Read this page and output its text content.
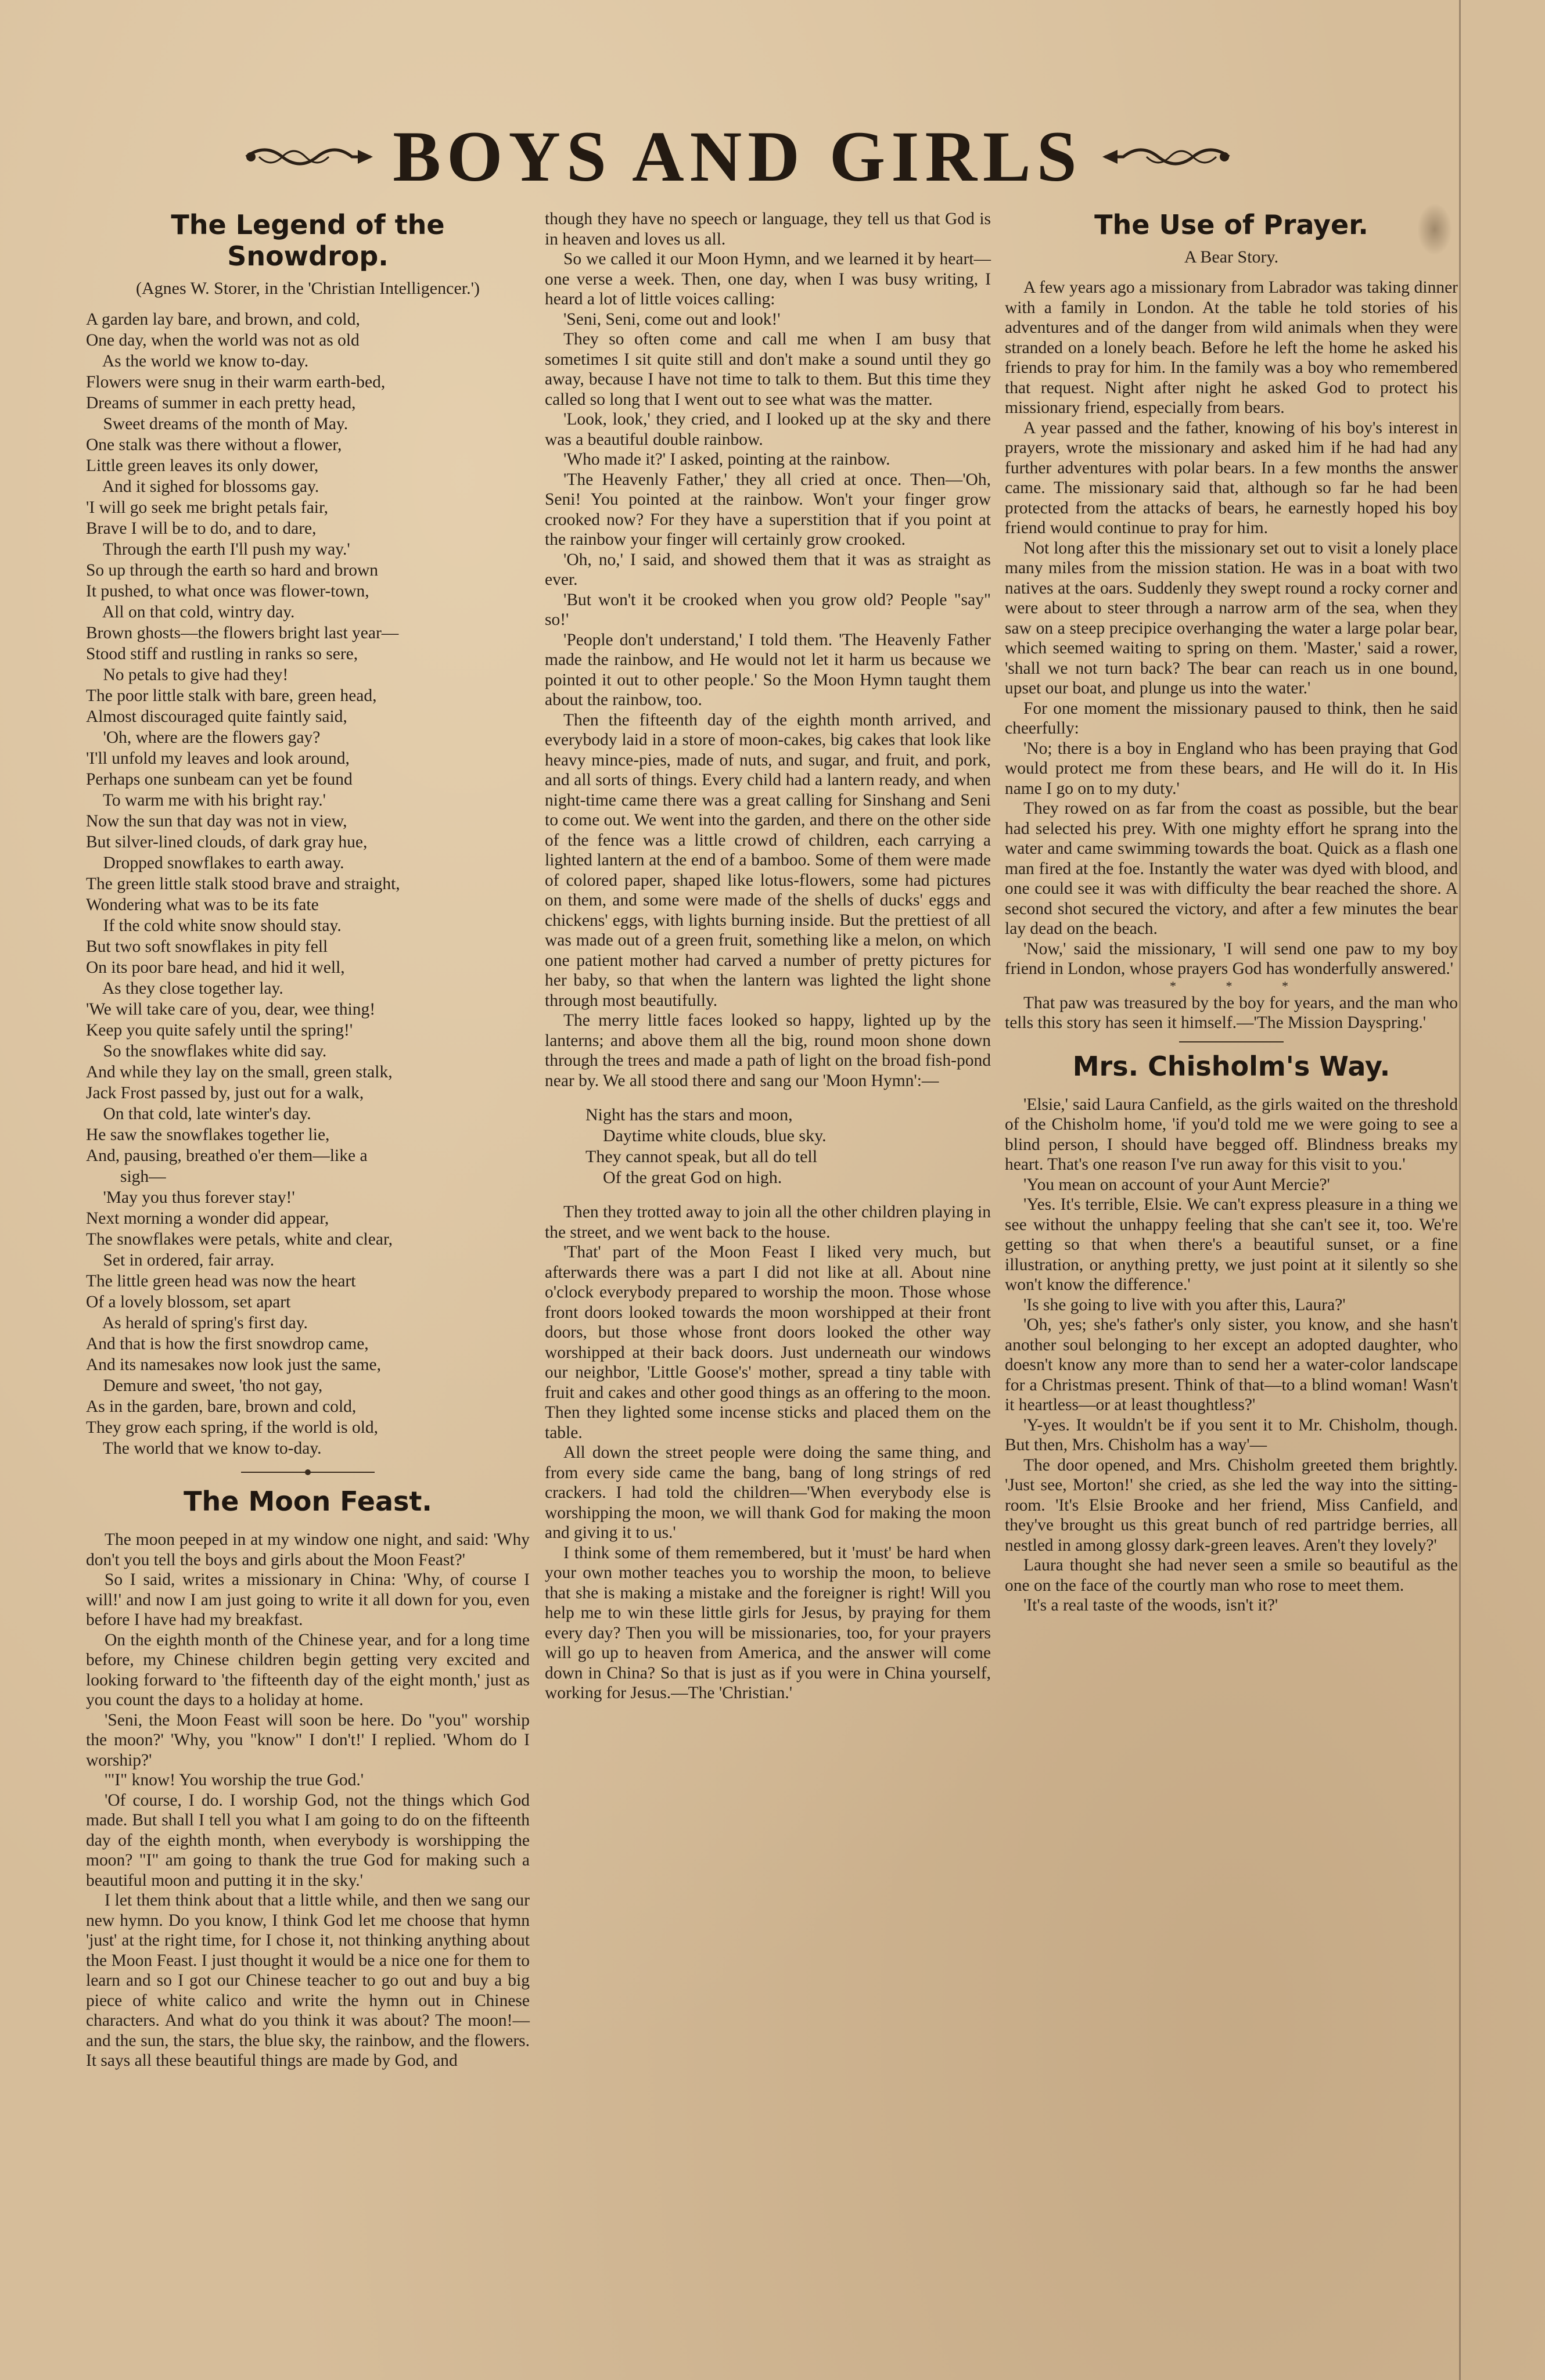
BOYS AND GIRLS
The Legend of the Snowdrop.
(Agnes W. Storer, in the 'Christian Intelligencer.')
A garden lay bare, and brown, and cold,
One day, when the world was not as old
As the world we know to-day.
Flowers were snug in their warm earth-bed,
Dreams of summer in each pretty head,
Sweet dreams of the month of May.
One stalk was there without a flower,
Little green leaves its only dower,
And it sighed for blossoms gay.
'I will go seek me bright petals fair,
Brave I will be to do, and to dare,
Through the earth I'll push my way.'
So up through the earth so hard and brown
It pushed, to what once was flower-town,
All on that cold, wintry day.
Brown ghosts—the flowers bright last year—
Stood stiff and rustling in ranks so sere,
No petals to give had they!
The poor little stalk with bare, green head,
Almost discouraged quite faintly said,
'Oh, where are the flowers gay?
'I'll unfold my leaves and look around,
Perhaps one sunbeam can yet be found
To warm me with his bright ray.'
Now the sun that day was not in view,
But silver-lined clouds, of dark gray hue,
Dropped snowflakes to earth away.
The green little stalk stood brave and straight,
Wondering what was to be its fate
If the cold white snow should stay.
But two soft snowflakes in pity fell
On its poor bare head, and hid it well,
As they close together lay.
'We will take care of you, dear, wee thing!
Keep you quite safely until the spring!'
So the snowflakes white did say.
And while they lay on the small, green stalk,
Jack Frost passed by, just out for a walk,
On that cold, late winter's day.
He saw the snowflakes together lie,
And, pausing, breathed o'er them—like a
sigh—
'May you thus forever stay!'
Next morning a wonder did appear,
The snowflakes were petals, white and clear,
Set in ordered, fair array.
The little green head was now the heart
Of a lovely blossom, set apart
As herald of spring's first day.
And that is how the first snowdrop came,
And its namesakes now look just the same,
Demure and sweet, 'tho not gay,
As in the garden, bare, brown and cold,
They grow each spring, if the world is old,
The world that we know to-day.
The Moon Feast.

The moon peeped in at my window one night, and said: 'Why don't you tell the boys and girls about the Moon Feast?'

So I said, writes a missionary in China: 'Why, of course I will!' and now I am just going to write it all down for you, even before I have had my breakfast.

On the eighth month of the Chinese year, and for a long time before, my Chinese children begin getting very excited and looking forward to 'the fifteenth day of the eight month,' just as you count the days to a holiday at home.

'Seni, the Moon Feast will soon be here. Do "you" worship the moon?' 'Why, you "know" I don't!' I replied. 'Whom do I worship?'

'"I" know! You worship the true God.'

'Of course, I do. I worship God, not the things which God made. But shall I tell you what I am going to do on the fifteenth day of the eighth month, when everybody is worshipping the moon? "I" am going to thank the true God for making such a beautiful moon and putting it in the sky.'

I let them think about that a little while, and then we sang our new hymn. Do you know, I think God let me choose that hymn 'just' at the right time, for I chose it, not thinking anything about the Moon Feast. I just thought it would be a nice one for them to learn and so I got our Chinese teacher to go out and buy a big piece of white calico and write the hymn out in Chinese characters. And what do you think it was about? The moon!—and the sun, the stars, the blue sky, the rainbow, and the flowers. It says all these beautiful things are made by God, and

though they have no speech or language, they tell us that God is in heaven and loves us all.

So we called it our Moon Hymn, and we learned it by heart—one verse a week. Then, one day, when I was busy writing, I heard a lot of little voices calling:

'Seni, Seni, come out and look!'

They so often come and call me when I am busy that sometimes I sit quite still and don't make a sound until they go away, because I have not time to talk to them. But this time they called so long that I went out to see what was the matter.

'Look, look,' they cried, and I looked up at the sky and there was a beautiful double rainbow.

'Who made it?' I asked, pointing at the rainbow.

'The Heavenly Father,' they all cried at once. Then—'Oh, Seni! You pointed at the rainbow. Won't your finger grow crooked now? For they have a superstition that if you point at the rainbow your finger will certainly grow crooked.

'Oh, no,' I said, and showed them that it was as straight as ever.

'But won't it be crooked when you grow old? People "say" so!'

'People don't understand,' I told them. 'The Heavenly Father made the rainbow, and He would not let it harm us because we pointed it out to other people.' So the Moon Hymn taught them about the rainbow, too.

Then the fifteenth day of the eighth month arrived, and everybody laid in a store of moon-cakes, big cakes that look like heavy mince-pies, made of nuts, and sugar, and fruit, and pork, and all sorts of things. Every child had a lantern ready, and when night-time came there was a great calling for Sinshang and Seni to come out. We went into the garden, and there on the other side of the fence was a little crowd of children, each carrying a lighted lantern at the end of a bamboo. Some of them were made of colored paper, shaped like lotus-flowers, some had pictures on them, and some were made of the shells of ducks' eggs and chickens' eggs, with lights burning inside. But the prettiest of all was made out of a green fruit, something like a melon, on which one patient mother had carved a number of pretty pictures for her baby, so that when the lantern was lighted the light shone through most beautifully.

The merry little faces looked so happy, lighted up by the lanterns; and above them all the big, round moon shone down through the trees and made a path of light on the broad fish-pond near by. We all stood there and sang our 'Moon Hymn':—

Night has the stars and moon,
Daytime white clouds, blue sky.
They cannot speak, but all do tell
Of the great God on high.

Then they trotted away to join all the other children playing in the street, and we went back to the house.

'That' part of the Moon Feast I liked very much, but afterwards there was a part I did not like at all. About nine o'clock everybody prepared to worship the moon. Those whose front doors looked towards the moon worshipped at their front doors, but those whose front doors looked the other way worshipped at their back doors. Just underneath our windows our neighbor, 'Little Goose's' mother, spread a tiny table with fruit and cakes and other good things as an offering to the moon. Then they lighted some incense sticks and placed them on the table.

All down the street people were doing the same thing, and from every side came the bang, bang of long strings of red crackers. I had told the children—'When everybody else is worshipping the moon, we will thank God for making the moon and giving it to us.'

I think some of them remembered, but it 'must' be hard when your own mother teaches you to worship the moon, to believe that she is making a mistake and the foreigner is right! Will you help me to win these little girls for Jesus, by praying for them every day? Then you will be missionaries, too, for your prayers will go up to heaven from America, and the answer will come down in China? So that is just as if you were in China yourself, working for Jesus.—The 'Christian.'

The Use of Prayer.
A Bear Story.

A few years ago a missionary from Labrador was taking dinner with a family in London. At the table he told stories of his adventures and of the danger from wild animals when they were stranded on a lonely beach. Before he left the home he asked his friends to pray for him. In the family was a boy who remembered that request. Night after night he asked God to protect his missionary friend, especially from bears.

A year passed and the father, knowing of his boy's interest in prayers, wrote the missionary and asked him if he had had any further adventures with polar bears. In a few months the answer came. The missionary said that, although so far he had been protected from the attacks of bears, he earnestly hoped his boy friend would continue to pray for him.

Not long after this the missionary set out to visit a lonely place many miles from the mission station. He was in a boat with two natives at the oars. Suddenly they swept round a rocky corner and were about to steer through a narrow arm of the sea, when they saw on a steep precipice overhanging the water a large polar bear, which seemed waiting to spring on them. 'Master,' said a rower, 'shall we not turn back? The bear can reach us in one bound, upset our boat, and plunge us into the water.'

For one moment the missionary paused to think, then he said cheerfully:

'No; there is a boy in England who has been praying that God would protect me from these bears, and He will do it. In His name I go on to my duty.'

They rowed on as far from the coast as possible, but the bear had selected his prey. With one mighty effort he sprang into the water and came swimming towards the boat. Quick as a flash one man fired at the foe. Instantly the water was dyed with blood, and one could see it was with difficulty the bear reached the shore. A second shot secured the victory, and after a few minutes the bear lay dead on the beach.

'Now,' said the missionary, 'I will send one paw to my boy friend in London, whose prayers God has wonderfully answered.'

* * *

That paw was treasured by the boy for years, and the man who tells this story has seen it himself.—'The Mission Dayspring.'

Mrs. Chisholm's Way.

'Elsie,' said Laura Canfield, as the girls waited on the threshold of the Chisholm home, 'if you'd told me we were going to see a blind person, I should have begged off. Blindness breaks my heart. That's one reason I've run away for this visit to you.'

'You mean on account of your Aunt Mercie?'

'Yes. It's terrible, Elsie. We can't express pleasure in a thing we see without the unhappy feeling that she can't see it, too. We're getting so that when there's a beautiful sunset, or a fine illustration, or anything pretty, we just point at it silently so she won't know the difference.'

'Is she going to live with you after this, Laura?'

'Oh, yes; she's father's only sister, you know, and she hasn't another soul belonging to her except an adopted daughter, who doesn't know any more than to send her a water-color landscape for a Christmas present. Think of that—to a blind woman! Wasn't it heartless—or at least thoughtless?'

'Y-yes. It wouldn't be if you sent it to Mr. Chisholm, though. But then, Mrs. Chisholm has a way'—

The door opened, and Mrs. Chisholm greeted them brightly. 'Just see, Morton!' she cried, as she led the way into the sitting-room. 'It's Elsie Brooke and her friend, Miss Canfield, and they've brought us this great bunch of red partridge berries, all nestled in among glossy dark-green leaves. Aren't they lovely?'

Laura thought she had never seen a smile so beautiful as the one on the face of the courtly man who rose to meet them.

'It's a real taste of the woods, isn't it?'
